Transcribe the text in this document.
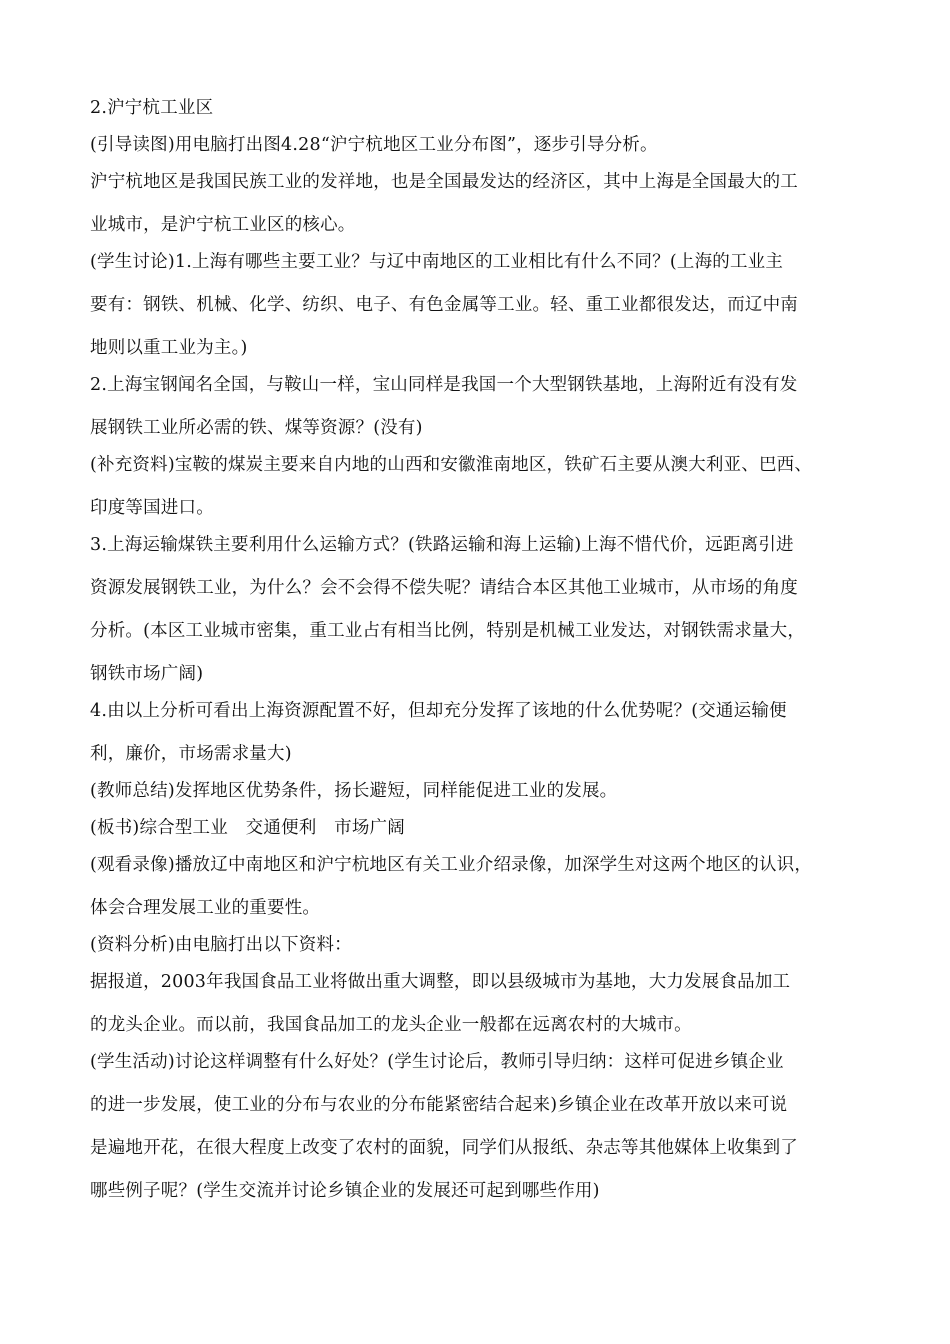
2.沪宁杭工业区
(引导读图)用电脑打出图4.28“沪宁杭地区工业分布图”，逐步引导分析。
沪宁杭地区是我国民族工业的发祥地，也是全国最发达的经济区，其中上海是全国最大的工
业城市，是沪宁杭工业区的核心。
(学生讨论)1.上海有哪些主要工业？与辽中南地区的工业相比有什么不同？(上海的工业主
要有：钢铁、机械、化学、纺织、电子、有色金属等工业。轻、重工业都很发达，而辽中南
地则以重工业为主。)
2.上海宝钢闻名全国，与鞍山一样，宝山同样是我国一个大型钢铁基地，上海附近有没有发
展钢铁工业所必需的铁、煤等资源？(没有)
(补充资料)宝鞍的煤炭主要来自内地的山西和安徽淮南地区，铁矿石主要从澳大利亚、巴西、
印度等国进口。
3.上海运输煤铁主要利用什么运输方式？(铁路运输和海上运输)上海不惜代价，远距离引进
资源发展钢铁工业，为什么？会不会得不偿失呢？请结合本区其他工业城市，从市场的角度
分析。(本区工业城市密集，重工业占有相当比例，特别是机械工业发达，对钢铁需求量大，
钢铁市场广阔)
4.由以上分析可看出上海资源配置不好，但却充分发挥了该地的什么优势呢？(交通运输便
利，廉价，市场需求量大)
(教师总结)发挥地区优势条件，扬长避短，同样能促进工业的发展。
(板书)综合型工业　交通便利　市场广阔
(观看录像)播放辽中南地区和沪宁杭地区有关工业介绍录像，加深学生对这两个地区的认识，
体会合理发展工业的重要性。
(资料分析)由电脑打出以下资料：
据报道，2003年我国食品工业将做出重大调整，即以县级城市为基地，大力发展食品加工
的龙头企业。而以前，我国食品加工的龙头企业一般都在远离农村的大城市。
(学生活动)讨论这样调整有什么好处？(学生讨论后，教师引导归纳：这样可促进乡镇企业
的进一步发展，使工业的分布与农业的分布能紧密结合起来)乡镇企业在改革开放以来可说
是遍地开花，在很大程度上改变了农村的面貌，同学们从报纸、杂志等其他媒体上收集到了
哪些例子呢？(学生交流并讨论乡镇企业的发展还可起到哪些作用)
